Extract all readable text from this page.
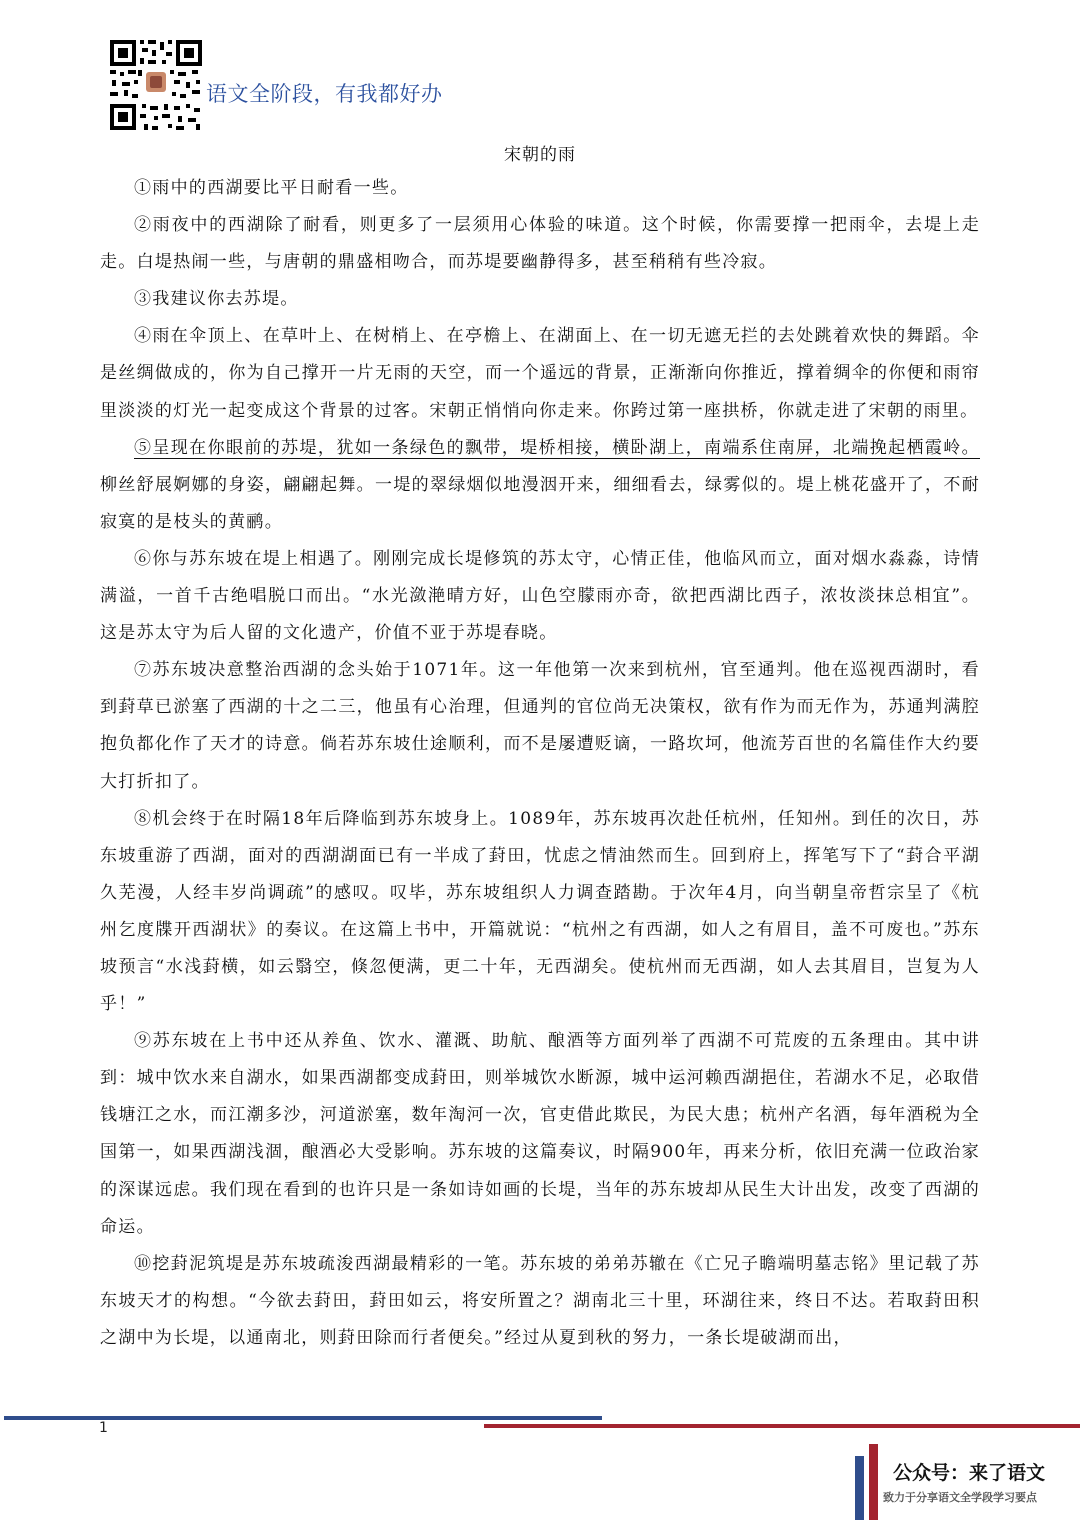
语文全阶段，有我都好办
宋朝的雨

①雨中的西湖要比平日耐看一些。

②雨夜中的西湖除了耐看，则更多了一层须用心体验的味道。这个时候，你需要撑一把雨伞，去堤上走走。白堤热闹一些，与唐朝的鼎盛相吻合，而苏堤要幽静得多，甚至稍稍有些冷寂。

③我建议你去苏堤。

④雨在伞顶上、在草叶上、在树梢上、在亭檐上、在湖面上、在一切无遮无拦的去处跳着欢快的舞蹈。伞是丝绸做成的，你为自己撑开一片无雨的天空，而一个遥远的背景，正渐渐向你推近，撑着绸伞的你便和雨帘里淡淡的灯光一起变成这个背景的过客。宋朝正悄悄向你走来。你跨过第一座拱桥，你就走进了宋朝的雨里。

⑤呈现在你眼前的苏堤，犹如一条绿色的飘带，堤桥相接，横卧湖上，南端系住南屏，北端挽起栖霞岭。柳丝舒展婀娜的身姿，翩翩起舞。一堤的翠绿烟似地漫洇开来，细细看去，绿雾似的。堤上桃花盛开了，不耐寂寞的是枝头的黄鹂。

⑥你与苏东坡在堤上相遇了。刚刚完成长堤修筑的苏太守，心情正佳，他临风而立，面对烟水淼淼，诗情满溢，一首千古绝唱脱口而出。“水光潋滟晴方好，山色空朦雨亦奇，欲把西湖比西子，浓妆淡抹总相宜”。这是苏太守为后人留的文化遗产，价值不亚于苏堤春晓。

⑦苏东坡决意整治西湖的念头始于1071年。这一年他第一次来到杭州，官至通判。他在巡视西湖时，看到葑草已淤塞了西湖的十之二三，他虽有心治理，但通判的官位尚无决策权，欲有作为而无作为，苏通判满腔抱负都化作了天才的诗意。倘若苏东坡仕途顺利，而不是屡遭贬谪，一路坎坷，他流芳百世的名篇佳作大约要大打折扣了。

⑧机会终于在时隔18年后降临到苏东坡身上。1089年，苏东坡再次赴任杭州，任知州。到任的次日，苏东坡重游了西湖，面对的西湖湖面已有一半成了葑田，忧虑之情油然而生。回到府上，挥笔写下了“葑合平湖久芜漫，人经丰岁尚调疏”的感叹。叹毕，苏东坡组织人力调查踏勘。于次年4月，向当朝皇帝哲宗呈了《杭州乞度牒开西湖状》的奏议。在这篇上书中，开篇就说：“杭州之有西湖，如人之有眉目，盖不可废也。”苏东坡预言“水浅葑横，如云翳空，倏忽便满，更二十年，无西湖矣。使杭州而无西湖，如人去其眉目，岂复为人乎！”

⑨苏东坡在上书中还从养鱼、饮水、灌溉、助航、酿酒等方面列举了西湖不可荒废的五条理由。其中讲到：城中饮水来自湖水，如果西湖都变成葑田，则举城饮水断源，城中运河赖西湖挹住，若湖水不足，必取借钱塘江之水，而江潮多沙，河道淤塞，数年淘河一次，官吏借此欺民，为民大患；杭州产名酒，每年酒税为全国第一，如果西湖浅涸，酿酒必大受影响。苏东坡的这篇奏议，时隔900年，再来分析，依旧充满一位政治家的深谋远虑。我们现在看到的也许只是一条如诗如画的长堤，当年的苏东坡却从民生大计出发，改变了西湖的命运。

⑩挖葑泥筑堤是苏东坡疏浚西湖最精彩的一笔。苏东坡的弟弟苏辙在《亡兄子瞻端明墓志铭》里记载了苏东坡天才的构想。“今欲去葑田，葑田如云，将安所置之？湖南北三十里，环湖往来，终日不达。若取葑田积之湖中为长堤，以通南北，则葑田除而行者便矣。”经过从夏到秋的努力，一条长堤破湖而出，

1
公众号：来了语文
致力于分享语文全学段学习要点
